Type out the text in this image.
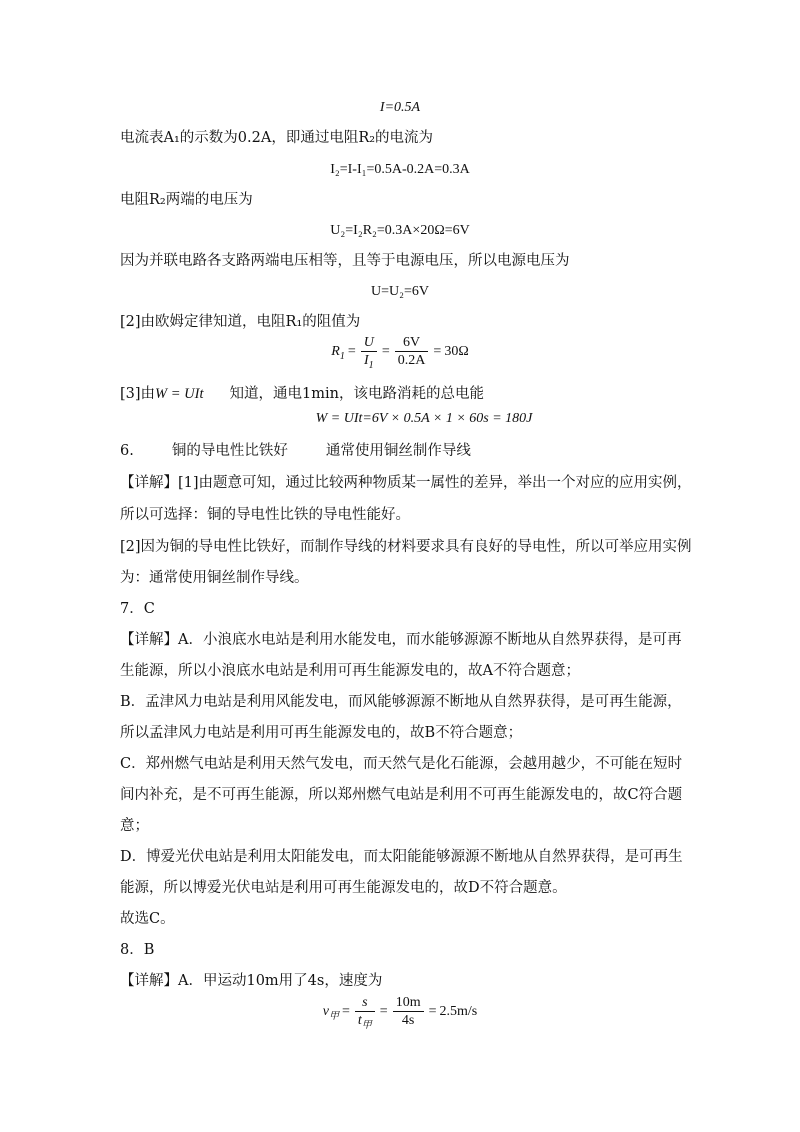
I=0.5A
电流表A₁的示数为0.2A，即通过电阻R₂的电流为
I₂=I-I₁=0.5A-0.2A=0.3A
电阻R₂两端的电压为
U₂=I₂R₂=0.3A×20Ω=6V
因为并联电路各支路两端电压相等，且等于电源电压，所以电源电压为
U=U₂=6V
[2]由欧姆定律知道，电阻R₁的阻值为
$R_1 = \frac{U}{I_1} = \frac{6V}{0.2A} = 30\Omega$
[3]由W = UIt 知道，通电1min，该电路消耗的总电能
W = UIt=6V × 0.5A × 1 × 60s = 180J
6.	铜的导电性比铁好	通常使用铜丝制作导线
【详解】[1]由题意可知，通过比较两种物质某一属性的差异，举出一个对应的应用实例，
所以可选择：铜的导电性比铁的导电性能好。
[2]因为铜的导电性比铁好，而制作导线的材料要求具有良好的导电性，所以可举应用实例
为：通常使用铜丝制作导线。
7．C
【详解】A．小浪底水电站是利用水能发电，而水能够源源不断地从自然界获得，是可再
生能源，所以小浪底水电站是利用可再生能源发电的，故A不符合题意；
B．孟津风力电站是利用风能发电，而风能够源源不断地从自然界获得，是可再生能源，
所以孟津风力电站是利用可再生能源发电的，故B不符合题意；
C．郑州燃气电站是利用天然气发电，而天然气是化石能源，会越用越少，不可能在短时
间内补充，是不可再生能源，所以郑州燃气电站是利用不可再生能源发电的，故C符合题
意；
D．博爱光伏电站是利用太阳能发电，而太阳能能够源源不断地从自然界获得，是可再生
能源，所以博爱光伏电站是利用可再生能源发电的，故D不符合题意。
故选C。
8．B
【详解】A．甲运动10m用了4s，速度为
$v_甲 = \frac{s}{t_甲} = \frac{10m}{4s} = 2.5m/s$
